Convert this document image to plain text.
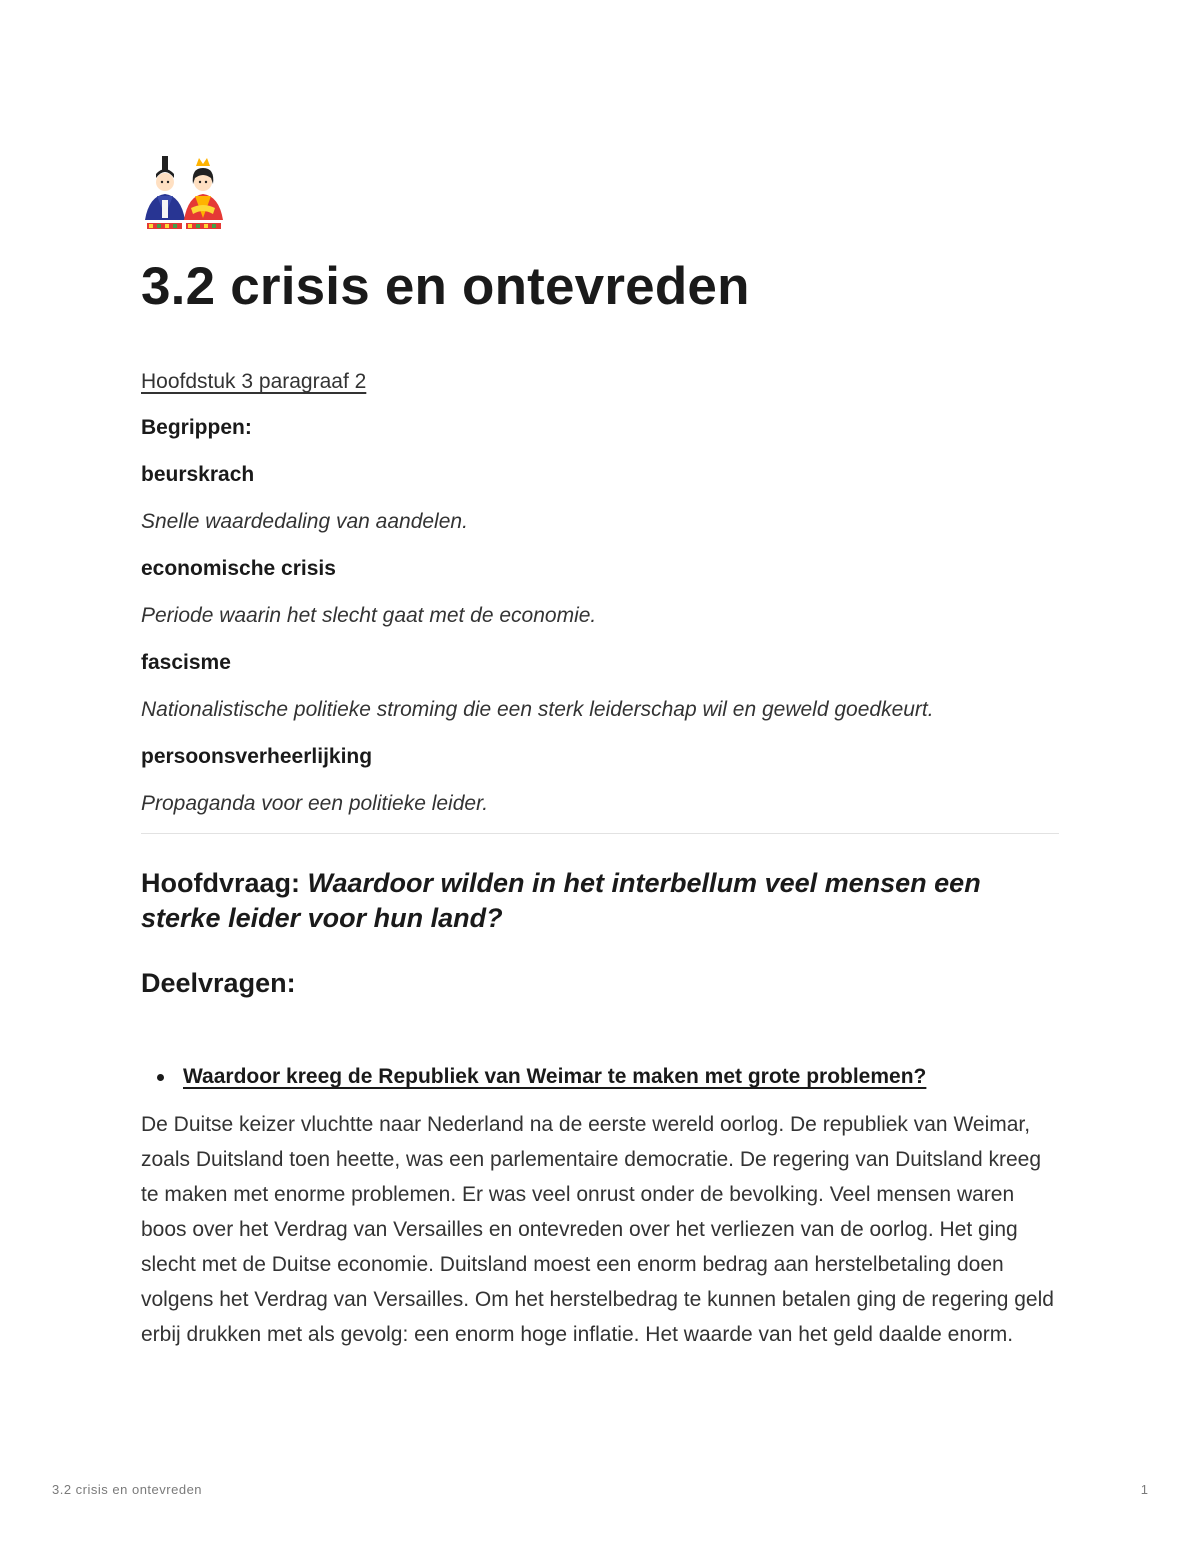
3.2 crisis en ontevreden
Hoofdstuk 3 paragraaf 2
Begrippen:
beurskrach
Snelle waardedaling van aandelen.
economische crisis
Periode waarin het slecht gaat met de economie.
fascisme
Nationalistische politieke stroming die een sterk leiderschap wil en geweld goedkeurt.
persoonsverheerlijking
Propaganda voor een politieke leider.
Hoofdvraag: Waardoor wilden in het interbellum veel mensen een sterke leider voor hun land?
Deelvragen:
Waardoor kreeg de Republiek van Weimar te maken met grote problemen?

De Duitse keizer vluchtte naar Nederland na de eerste wereld oorlog. De republiek van Weimar, zoals Duitsland toen heette, was een parlementaire democratie. De regering van Duitsland kreeg te maken met enorme problemen. Er was veel onrust onder de bevolking. Veel mensen waren boos over het Verdrag van Versailles en ontevreden over het verliezen van de oorlog. Het ging slecht met de Duitse economie. Duitsland moest een enorm bedrag aan herstelbetaling doen volgens het Verdrag van Versailles. Om het herstelbedrag te kunnen betalen ging de regering geld erbij drukken met als gevolg: een enorm hoge inflatie. Het waarde van het geld daalde enorm.

3.2 crisis en ontevreden	1
